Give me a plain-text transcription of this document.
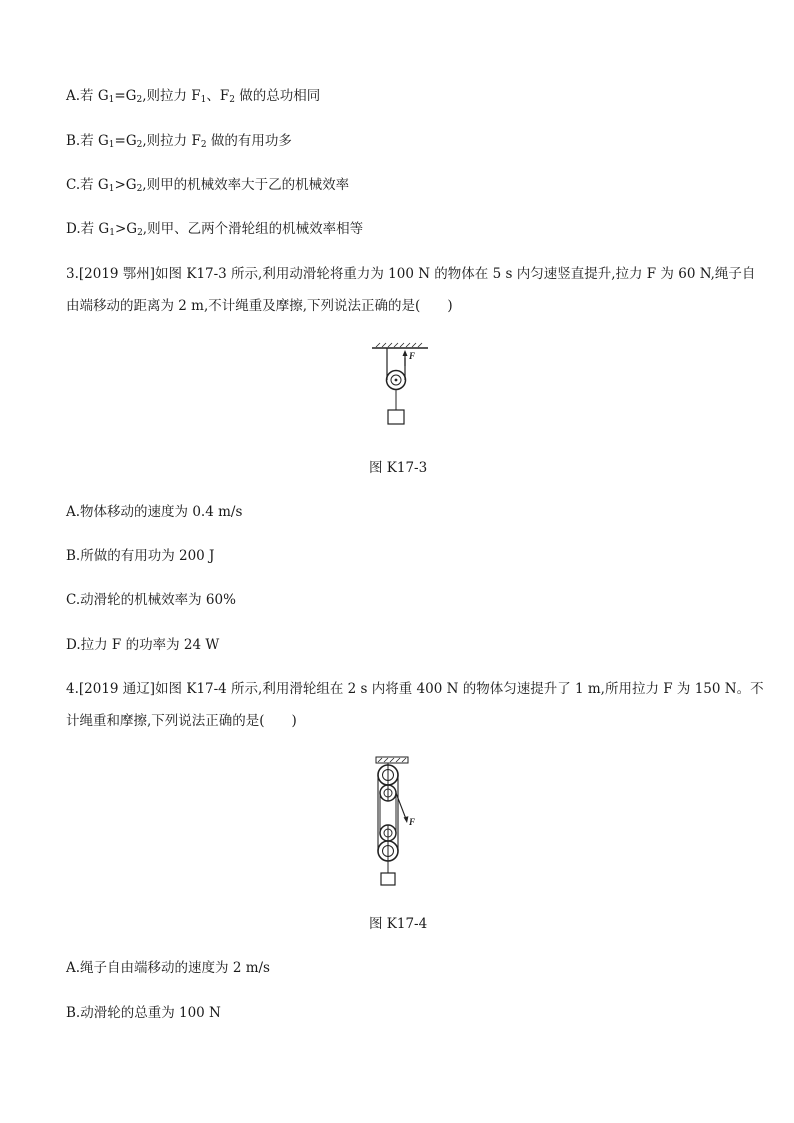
A.若 $G_1=G_2$,则拉力 $F_1$、$F_2$ 做的总功相同
B.若 $G_1=G_2$,则拉力 $F_2$ 做的有用功多
C.若 $G_1>G_2$,则甲的机械效率大于乙的机械效率
D.若 $G_1>G_2$,则甲、乙两个滑轮组的机械效率相等
3.[2019 鄂州]如图 K17-3 所示,利用动滑轮将重力为 100 N 的物体在 5 s 内匀速竖直提升,拉力 F 为 60 N,绳子自
由端移动的距离为 2 m,不计绳重及摩擦,下列说法正确的是(　　)
F
图 K17-3
A.物体移动的速度为 0.4 m/s
B.所做的有用功为 200 J
C.动滑轮的机械效率为 60%
D.拉力 F 的功率为 24 W
4.[2019 通辽]如图 K17-4 所示,利用滑轮组在 2 s 内将重 400 N 的物体匀速提升了 1 m,所用拉力 F 为 150 N。不
计绳重和摩擦,下列说法正确的是(　　)
F
图 K17-4
A.绳子自由端移动的速度为 2 m/s
B.动滑轮的总重为 100 N
